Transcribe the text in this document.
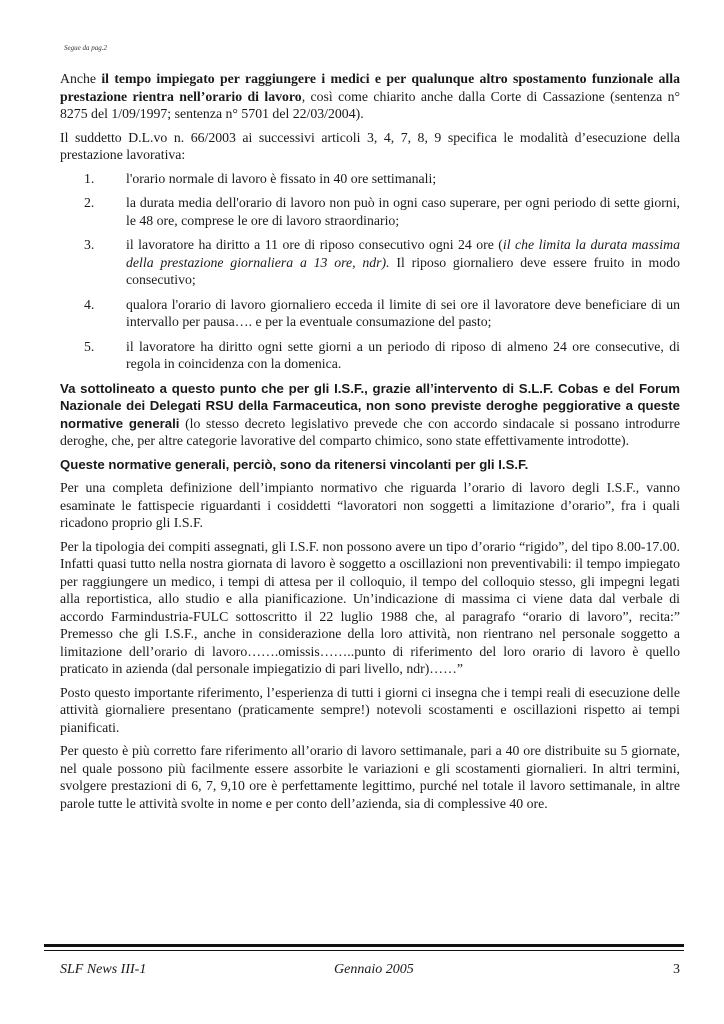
Segue da pag.2

Anche il tempo impiegato per raggiungere i medici e per qualunque altro spostamento funzionale alla prestazione rientra nell’orario di lavoro, così come chiarito anche dalla Corte di Cassazione (sentenza n° 8275 del 1/09/1997; sentenza n° 5701 del 22/03/2004).

Il suddetto D.L.vo n. 66/2003 ai successivi articoli 3, 4, 7, 8, 9 specifica le modalità d’esecuzione della prestazione lavorativa:

1.	l'orario normale di lavoro è fissato in 40 ore settimanali;
2.	la durata media dell'orario di lavoro non può in ogni caso superare, per ogni periodo di sette giorni, le 48 ore, comprese le ore di lavoro straordinario;
3.	il lavoratore ha diritto a 11 ore di riposo consecutivo ogni 24 ore (il che limita la durata massima della prestazione giornaliera a 13 ore, ndr). Il riposo giornaliero deve essere fruito in modo consecutivo;
4.	qualora l'orario di lavoro giornaliero ecceda il limite di sei ore il lavoratore deve beneficiare di un intervallo per pausa…. e per la eventuale consumazione del pasto;
5.	il lavoratore ha diritto ogni sette giorni a un periodo di riposo di almeno 24 ore consecutive, di regola in coincidenza con la domenica.

Va sottolineato a questo punto che per gli I.S.F., grazie all’intervento di S.L.F. Cobas e del Forum Nazionale dei Delegati RSU della Farmaceutica, non sono previste deroghe peggiorative a queste normative generali (lo stesso decreto legislativo prevede che con accordo sindacale si possano introdurre deroghe, che, per altre categorie lavorative del comparto chimico, sono state effettivamente introdotte).

Queste normative generali, perciò, sono da ritenersi vincolanti per gli I.S.F.

Per una completa definizione dell’impianto normativo che riguarda l’orario di lavoro degli I.S.F., vanno esaminate le fattispecie riguardanti i cosiddetti “lavoratori non soggetti a limitazione d’orario”, fra i quali ricadono proprio gli I.S.F.

Per la tipologia dei compiti assegnati, gli I.S.F. non possono avere un tipo d’orario “rigido”, del tipo 8.00-17.00. Infatti quasi tutto nella nostra giornata di lavoro è soggetto a oscillazioni non preventivabili: il tempo impiegato per raggiungere un medico, i tempi di attesa per il colloquio, il tempo del colloquio stesso, gli impegni legati alla reportistica, allo studio e alla pianificazione. Un’indicazione di massima ci viene data dal verbale di accordo Farmindustria-FULC sottoscritto il 22 luglio 1988 che, al paragrafo “orario di lavoro”, recita:” Premesso che gli I.S.F., anche in considerazione della loro attività, non rientrano nel personale soggetto a limitazione dell’orario di lavoro…….omissis……..punto di riferimento del loro orario di lavoro è quello praticato in azienda (dal personale impiegatizio di pari livello, ndr)……”

Posto questo importante riferimento, l’esperienza di tutti i giorni ci insegna che i tempi reali di esecuzione delle attività giornaliere presentano (praticamente sempre!) notevoli scostamenti e oscillazioni rispetto ai tempi pianificati.

Per questo è più corretto fare riferimento all’orario di lavoro settimanale, pari a 40 ore distribuite su 5 giornate, nel quale possono più facilmente essere assorbite le variazioni e gli scostamenti giornalieri. In altri termini, svolgere prestazioni di 6, 7, 9,10 ore è perfettamente legittimo, purché nel totale il lavoro settimanale, in altre parole tutte le attività svolte in nome e per conto dell’azienda, sia di complessive 40 ore.

SLF News III-1	Gennaio 2005	3
